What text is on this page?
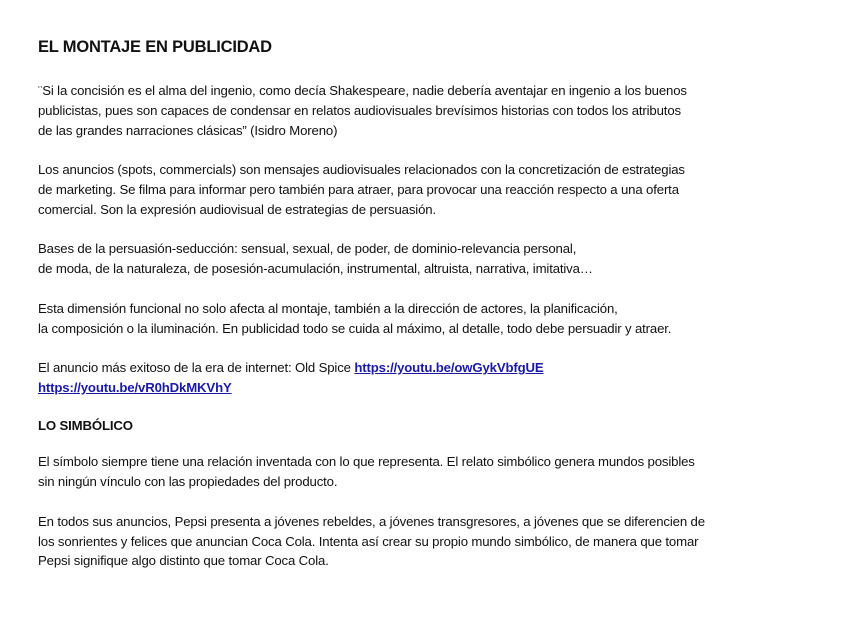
EL MONTAJE EN PUBLICIDAD
¨Si la concisión es el alma del ingenio, como decía Shakespeare, nadie debería aventajar en ingenio a los buenos
publicistas, pues son capaces de condensar en relatos audiovisuales brevísimos historias con todos los atributos
de las grandes narraciones clásicas” (Isidro Moreno)
Los anuncios (spots, commercials) son mensajes audiovisuales relacionados con la concretización de estrategias
de marketing. Se filma para informar pero también para atraer, para provocar una reacción respecto a una oferta
comercial. Son la expresión audiovisual de estrategias de persuasión.
Bases de la persuasión-seducción: sensual, sexual, de poder, de dominio-relevancia personal,
de moda, de la naturaleza, de posesión-acumulación, instrumental, altruista, narrativa, imitativa…
Esta dimensión funcional no solo afecta al montaje, también a la dirección de actores, la planificación,
la composición o la iluminación. En publicidad todo se cuida al máximo, al detalle, todo debe persuadir y atraer.
El anuncio más exitoso de la era de internet: Old Spice https://youtu.be/owGykVbfgUE
https://youtu.be/vR0hDkMKVhY
LO SIMBÓLICO
El símbolo siempre tiene una relación inventada con lo que representa. El relato simbólico genera mundos posibles
sin ningún vínculo con las propiedades del producto.
En todos sus anuncios, Pepsi presenta a jóvenes rebeldes, a jóvenes transgresores, a jóvenes que se diferencien de
los sonrientes y felices que anuncian Coca Cola. Intenta así crear su propio mundo simbólico, de manera que tomar
Pepsi signifique algo distinto que tomar Coca Cola.
